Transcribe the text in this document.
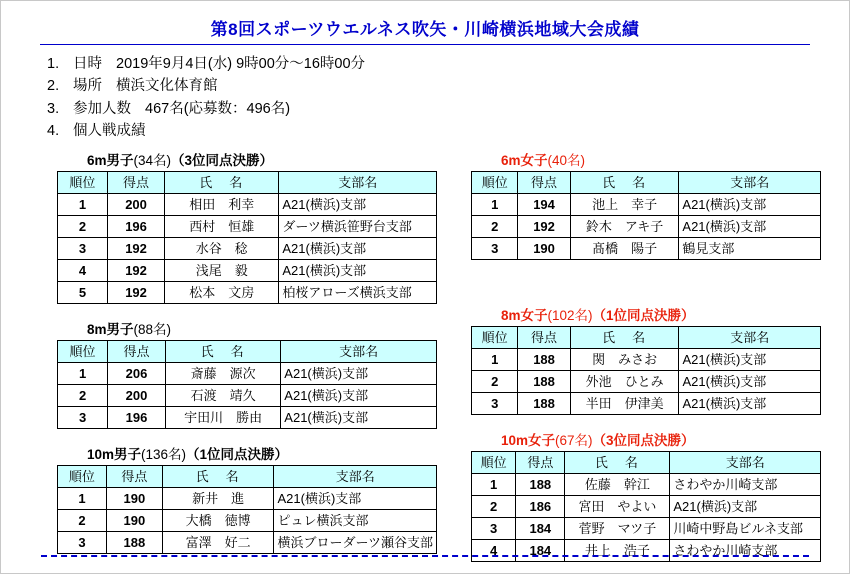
第8回スポーツウエルネス吹矢・川崎横浜地域大会成績
1. 日時 2019年9月4日(水) 9時00分～16時00分
2. 場所 横浜文化体育館
3. 参加人数 467名(応募数：496名)
4. 個人戦成績
6m男子(34名)（3位同点決勝）
順位	得点	氏　名	支部名
1	200	相田　利幸	A21(横浜)支部
2	196	西村　恒雄	ダーツ横浜笹野台支部
3	192	水谷　稔	A21(横浜)支部
4	192	浅尾　毅	A21(横浜)支部
5	192	松本　文房	柏桜アローズ横浜支部
8m男子(88名)
順位	得点	氏　名	支部名
1	206	斎藤　源次	A21(横浜)支部
2	200	石渡　靖久	A21(横浜)支部
3	196	宇田川　勝由	A21(横浜)支部
10m男子(136名)（1位同点決勝）
順位	得点	氏　名	支部名
1	190	新井　進	A21(横浜)支部
2	190	大橋　徳博	ピュレ横浜支部
3	188	富澤　好二	横浜ブローダーツ瀬谷支部
6m女子(40名)
順位	得点	氏　名	支部名
1	194	池上　幸子	A21(横浜)支部
2	192	鈴木　アキ子	A21(横浜)支部
3	190	髙橋　陽子	鶴見支部
8m女子(102名)（1位同点決勝）
順位	得点	氏　名	支部名
1	188	関　みさお	A21(横浜)支部
2	188	外池　ひとみ	A21(横浜)支部
3	188	半田　伊津美	A21(横浜)支部
10m女子(67名)（3位同点決勝）
順位	得点	氏　名	支部名
1	188	佐藤　幹江	さわやか川崎支部
2	186	宮田　やよい	A21(横浜)支部
3	184	菅野　マツ子	川崎中野島ビルネ支部
4	184	井上　浩子	さわやか川崎支部
